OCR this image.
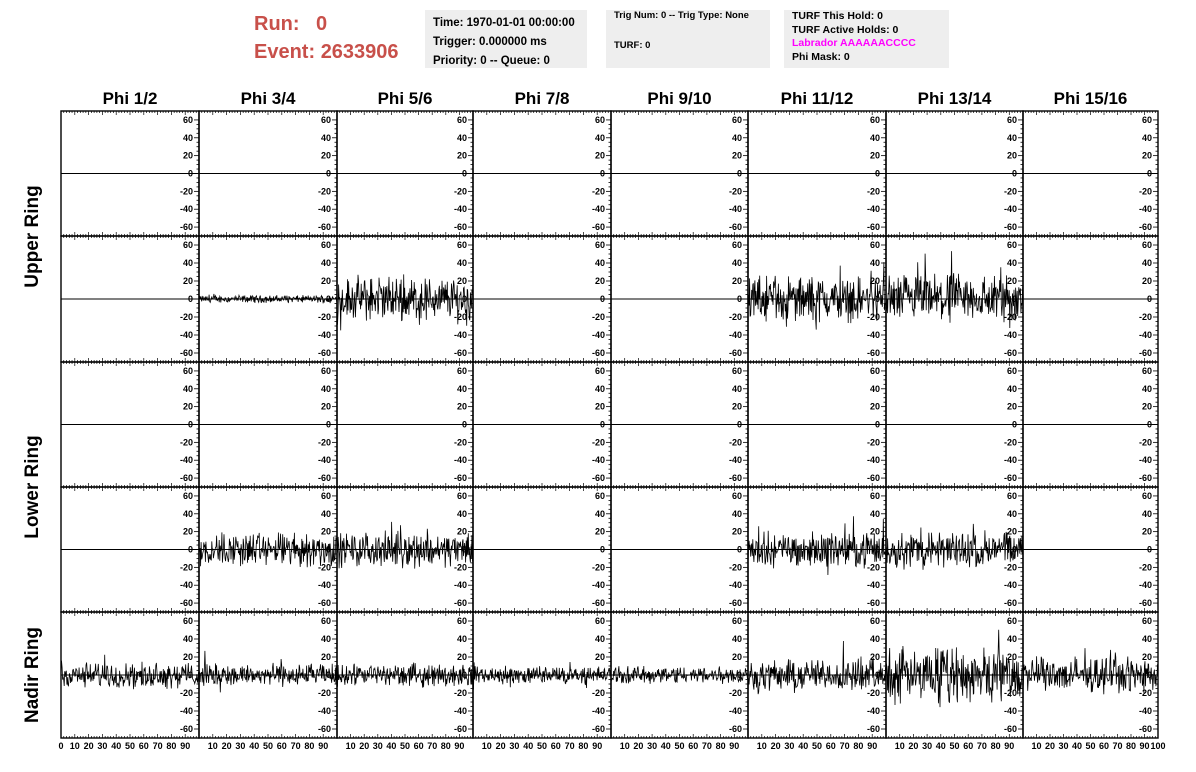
Run: 0
Event: 2633906
Time: 1970-01-01 00:00:00
Trigger: 0.000000 ms
Priority: 0 -- Queue: 0
Trig Num: 0 -- Trig Type: None
TURF: 0
TURF This Hold: 0
TURF Active Holds: 0
Labrador AAAAAACCCC
Phi Mask: 0
Phi 1/2	Phi 3/4	Phi 5/6	Phi 7/8	Phi 9/10	Phi 11/12	Phi 13/14	Phi 15/16
Upper Ring
Lower Ring
Nadir Ring
-60
-40
-20
0
20
40
60
-60
-40
-20
0
20
40
60
-60
-40
-20
0
20
40
60
-60
-40
-20
0
20
40
60
-60
-40
-20
0
20
40
60
-60
-40
-20
0
20
40
60
-60
-40
-20
0
20
40
60
-60
-40
-20
0
20
40
60
-60
-40
-20
0
20
40
60
-60
-40
-20
0
20
40
60
-60
-40
-20
0
20
40
60
-60
-40
-20
0
20
40
60
-60
-40
-20
0
20
40
60
-60
-40
-20
0
20
40
60
-60
-40
-20
0
20
40
60
-60
-40
-20
0
20
40
60
-60
-40
-20
0
20
40
60
-60
-40
-20
0
20
40
60
-60
-40
-20
0
20
40
60
-60
-40
-20
0
20
40
60
-60
-40
-20
0
20
40
60
-60
-40
-20
0
20
40
60
-60
-40
-20
0
20
40
60
-60
-40
-20
0
20
40
60
-60
-40
-20
0
20
40
60
-60
-40
-20
0
20
40
60
-60
-40
-20
0
20
40
60
-60
-40
-20
0
20
40
60
-60
-40
-20
0
20
40
60
-60
-40
-20
0
20
40
60
-60
-40
-20
0
20
40
60
-60
-40
-20
0
20
40
60
-60
-40
-20
0
20
40
60
-60
-40
-20
0
20
40
60
-60
-40
-20
0
20
40
60
-60
-40
-20
0
20
40
60
-60
-40
-20
0
20
40
60
-60
-40
-20
0
20
40
60
-60
-40
-20
0
20
40
60
-60
-40
-20
0
20
40
60
0 10 20 30 40 50 60 70 80 90 10 20 30 40 50 60 70 80 90 10 20 30 40 50 60 70 80 90 10 20 30 40 50 60 70 80 90 10 20 30 40 50 60 70 80 90 10 20 30 40 50 60 70 80 90 10 20 30 40 50 60 70 80 90 10 20 30 40 50 60 70 80 90 100
